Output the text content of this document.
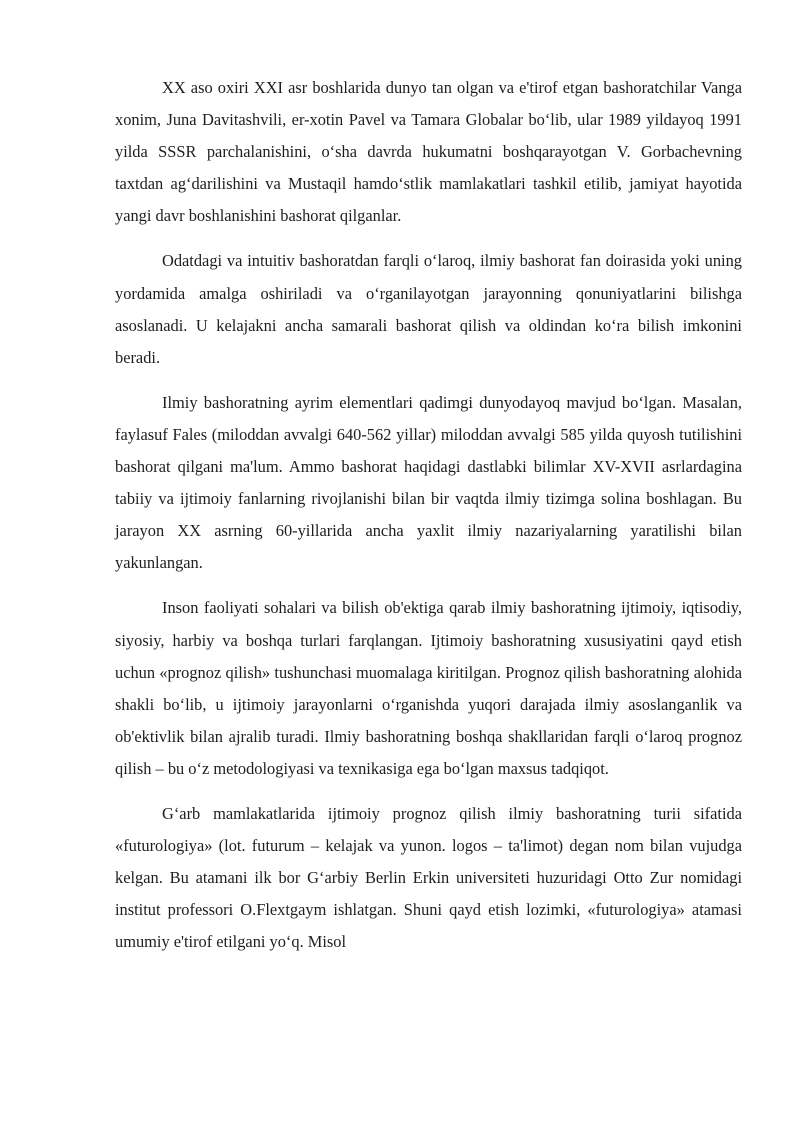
XX aso oxiri XXI asr boshlarida dunyo tan olgan va e'tirof etgan bashoratchilar Vanga xonim, Juna Davitashvili, er-xotin Pavel va Tamara Globalar bo‘lib, ular 1989 yildayoq 1991 yilda SSSR parchalanishini, o‘sha davrda hukumatni boshqarayotgan V. Gorbachevning taxtdan ag‘darilishini va Mustaqil hamdo‘stlik mamlakatlari tashkil etilib, jamiyat hayotida yangi davr boshlanishini bashorat qilganlar.

Odatdagi va intuitiv bashoratdan farqli o‘laroq, ilmiy bashorat fan doirasida yoki uning yordamida amalga oshiriladi va o‘rganilayotgan jarayonning qonuniyatlarini bilishga asoslanadi. U kelajakni ancha samarali bashorat qilish va oldindan ko‘ra bilish imkonini beradi.

Ilmiy bashoratning ayrim elementlari qadimgi dunyodayoq mavjud bo‘lgan. Masalan, faylasuf Fales (miloddan avvalgi 640-562 yillar) miloddan avvalgi 585 yilda quyosh tutilishini bashorat qilgani ma'lum. Ammo bashorat haqidagi dastlabki bilimlar XV-XVII asrlardagina tabiiy va ijtimoiy fanlarning rivojlanishi bilan bir vaqtda ilmiy tizimga solina boshlagan. Bu jarayon XX asrning 60-yillarida ancha yaxlit ilmiy nazariyalarning yaratilishi bilan yakunlangan.

Inson faoliyati sohalari va bilish ob'ektiga qarab ilmiy bashoratning ijtimoiy, iqtisodiy, siyosiy, harbiy va boshqa turlari farqlangan. Ijtimoiy bashoratning xususiyatini qayd etish uchun «prognoz qilish» tushunchasi muomalaga kiritilgan. Prognoz qilish bashoratning alohida shakli bo‘lib, u ijtimoiy jarayonlarni o‘rganishda yuqori darajada ilmiy asoslanganlik va ob'ektivlik bilan ajralib turadi. Ilmiy bashoratning boshqa shakllaridan farqli o‘laroq prognoz qilish – bu o‘z metodologiyasi va texnikasiga ega bo‘lgan maxsus tadqiqot.

G‘arb mamlakatlarida ijtimoiy prognoz qilish ilmiy bashoratning turii sifatida «futurologiya» (lot. futurum – kelajak va yunon. logos – ta'limot) degan nom bilan vujudga kelgan. Bu atamani ilk bor G‘arbiy Berlin Erkin universiteti huzuridagi Otto Zur nomidagi institut professori O.Flextgaym ishlatgan. Shuni qayd etish lozimki, «futurologiya» atamasi umumiy e'tirof etilgani yo‘q. Misol
